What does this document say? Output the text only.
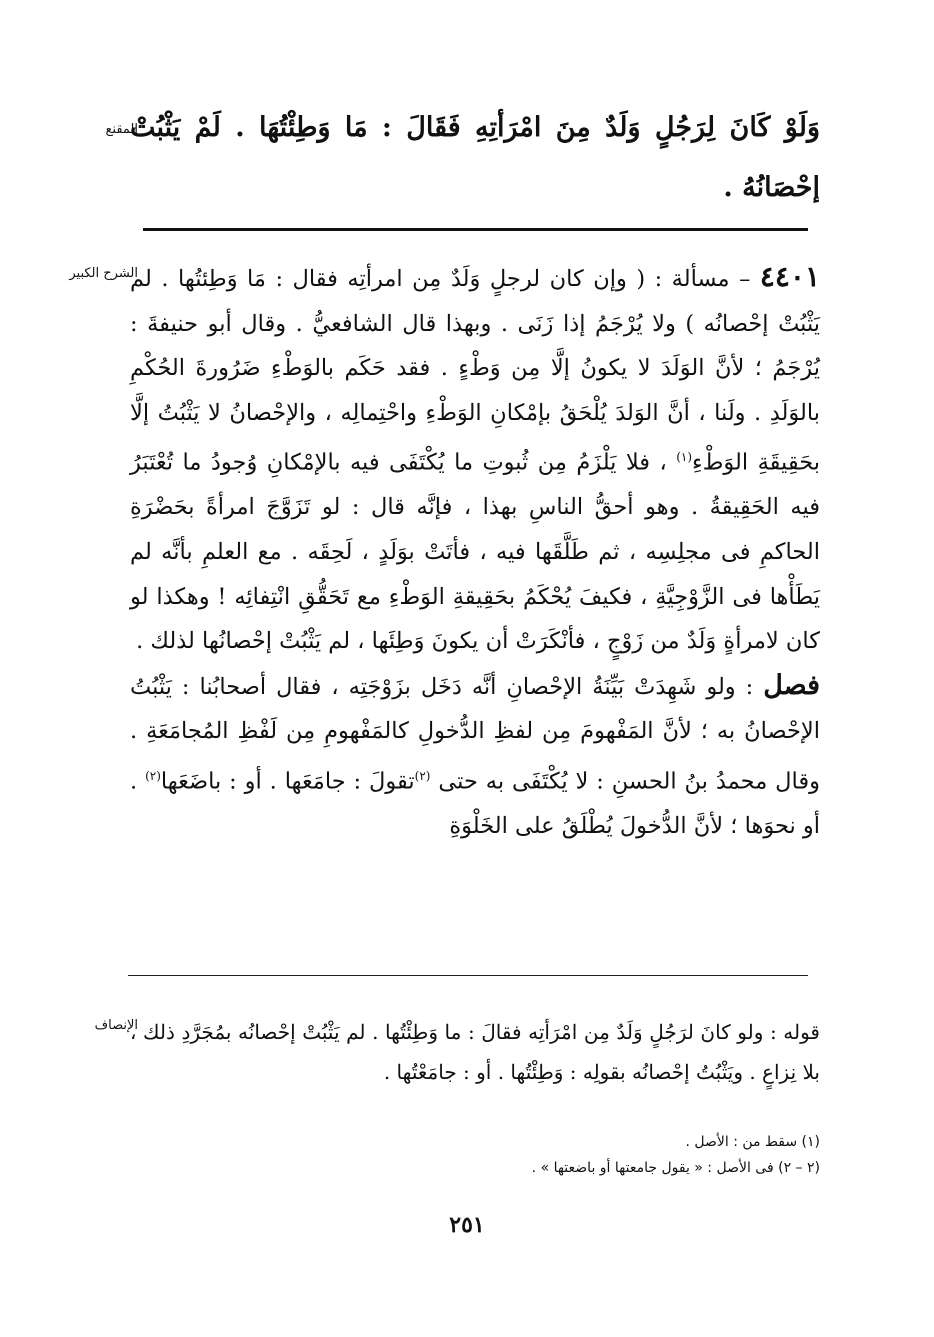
المقنع
وَلَوْ كَانَ لِرَجُلٍ وَلَدٌ مِنَ امْرَأتِهِ فَقَالَ : مَا وَطِئْتُهَا . لَمْ يَثْبُتْ إحْصَانُهُ .
الشرح الكبير	٤٤٠١ – مسألة : ( وإن كان لرجلٍ وَلَدٌ مِن امرأتِه فقال : مَا وَطِئتُها . لم يَثْبُتْ إحْصانُه ) ولا يُرْجَمُ إذا زَنَى . وبهذا قال الشافعيُّ . وقال أبو حنيفةَ : يُرْجَمُ ؛ لأنَّ الوَلَدَ لا يكونُ إلَّا مِن وَطْءٍ . فقد حَكَم بالوَطْءِ ضَرُورةَ الحُكْمِ بالوَلَدِ . ولَنا ، أنَّ الوَلدَ يُلْحَقُ بإمْكانِ الوَطْءِ واحْتِمالِه ، والإحْصانُ لا يَثْبُتُ إلَّا بحَقِيقَةِ الوَطْءِ$^{(١)}$ ، فلا يَلْزَمُ مِن ثُبوتِ ما يُكْتَفَى فيه بالإمْكانِ وُجودُ ما تُعْتَبَرُ فيه الحَقِيقةُ . وهو أحقُّ الناسِ بهذا ، فإنَّه قال : لو تَزَوَّجَ امرأةً بحَضْرَةِ الحاكمِ فى مجلِسِه ، ثم طَلَّقَها فيه ، فأتَتْ بوَلَدٍ ، لَحِقَه . مع العلمِ بأنَّه لم يَطَأْها فى الزَّوْجِيَّةِ ، فكيفَ يُحْكَمُ بحَقِيقةِ الوَطْءِ مع تَحَقُّقِ انْتِفائِه ! وهكذا لو كان لامرأةٍ وَلَدٌ من زَوْجٍ ، فأنْكَرَتْ أن يكونَ وَطِئَها ، لم يَثْبُتْ إحْصانُها لذلك .

فصل : ولو شَهِدَتْ بَيِّنَةُ الإحْصانِ أنَّه دَخَل بزَوْجَتِه ، فقال أصحابُنا : يَثْبُتُ الإحْصانُ به ؛ لأنَّ المَفْهومَ مِن لفظِ الدُّخولِ كالمَفْهومِ مِن لَفْظِ المُجامَعَةِ . وقال محمدُ بنُ الحسنِ : لا يُكْتَفَى به حتى $^{(٢)}$تقولَ : جامَعَها . أو : باضَعَها$^{(٢)}$ . أو نحوَها ؛ لأنَّ الدُّخولَ يُطْلَقُ على الخَلْوَةِ

الإنصاف
قوله : ولو كانَ لرَجُلٍ وَلَدٌ مِن امْرَأتِه فقالَ : ما وَطِئْتُها . لم يَثْبُتْ إحْصانُه بمُجَرَّدِ ذلك ، بلا نِزاعٍ . ويَثْبُتُ إحْصانُه بقولِه : وَطِئْتُها . أو : جامَعْتُها .
(١) سقط من : الأصل .
(٢ – ٢) فى الأصل : « يقول جامعتها أو باضعتها » .
٢٥١
